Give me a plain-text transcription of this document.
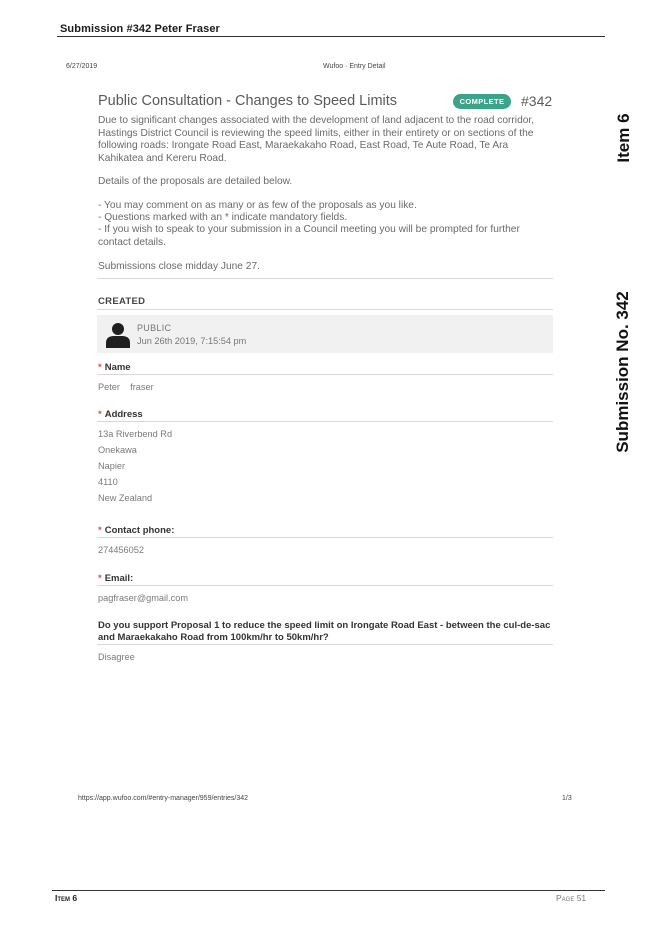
Submission #342 Peter Fraser
6/27/2019	Wufoo · Entry Detail
Public Consultation - Changes to Speed Limits	COMPLETE	#342
Due to significant changes associated with the development of land adjacent to the road corridor, Hastings District Council is reviewing the speed limits, either in their entirety or on sections of the following roads: Irongate Road East, Maraekakaho Road, East Road, Te Aute Road, Te Ara Kahikatea and Kereru Road.
Details of the proposals are detailed below.
- You may comment on as many or as few of the proposals as you like.
- Questions marked with an * indicate mandatory fields.
- If you wish to speak to your submission in a Council meeting you will be prompted for further contact details.
Submissions close midday June 27.
CREATED
PUBLIC
Jun 26th 2019, 7:15:54 pm
* Name
Peter    fraser
* Address
13a Riverbend Rd
Onekawa
Napier
4110
New Zealand
* Contact phone:
274456052
* Email:
pagfraser@gmail.com
Do you support Proposal 1 to reduce the speed limit on Irongate Road East - between the cul-de-sac and Maraekakaho Road from 100km/hr to 50km/hr?
Disagree
https://app.wufoo.com/#entry-manager/959/entries/342	1/3
Item 6
Submission No. 342
Item 6	Page 51
